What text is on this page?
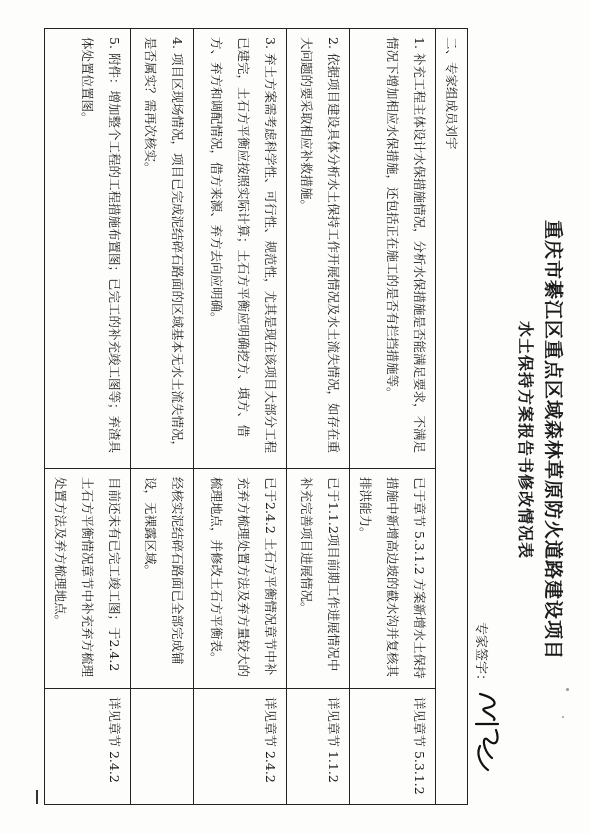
重庆市綦江区重点区域森林草原防火道路建设项目
水土保持方案报告书修改情况表
专家签字：
二、专家组成员刘宇		
1.补充工程主体设计水保措施情况，分析水保措施是否能满足要求，不满足情况下增加相应水保措施，还包括正在施工的是否有拦挡措施等。	已于章节 5.3.1.2 方案新增水土保持措施中新增高边坡的截水沟并复核其排洪能力。	详见章节 5.3.1.2
2.依据项目建设具体分析水土保持工作开展情况及水土流失情况，如存在重大问题的要采取相应补救措施。	已于1.1.2项目前期工作进展情况中补充完善项目进展情况。	详见章节 1.1.2
3.弃土方案需考虑科学性、可行性、规范性，尤其是现在该项目大部分工程已建完，土石方平衡应按照实际计算；土石方平衡应明确挖方、填方、借方、弃方和调配情况，借方来源、弃方去向应明确。	已于2.4.2 土石方平衡情况章节中补充弃方梳理处置方法及弃方量较大的梳理地点，并修改土石方平衡表。	详见章节 2.4.2
4.项目区现场情况，项目已完成泥结碎石路面的区域基本无水土流失情况，是否属实？需再次核实。	经核实泥结碎石路面已全部完成铺设，无裸露区域。	
5.附件：增加整个工程的工程措施布置图；已完工的补充竣工图等；弃渣具体处置位置图。	目前还未有已完工竣工图；于2.4.2 土石方平衡情况章节中补充弃方梳理处置方法及弃方梳理地点。	详见章节 2.4.2
